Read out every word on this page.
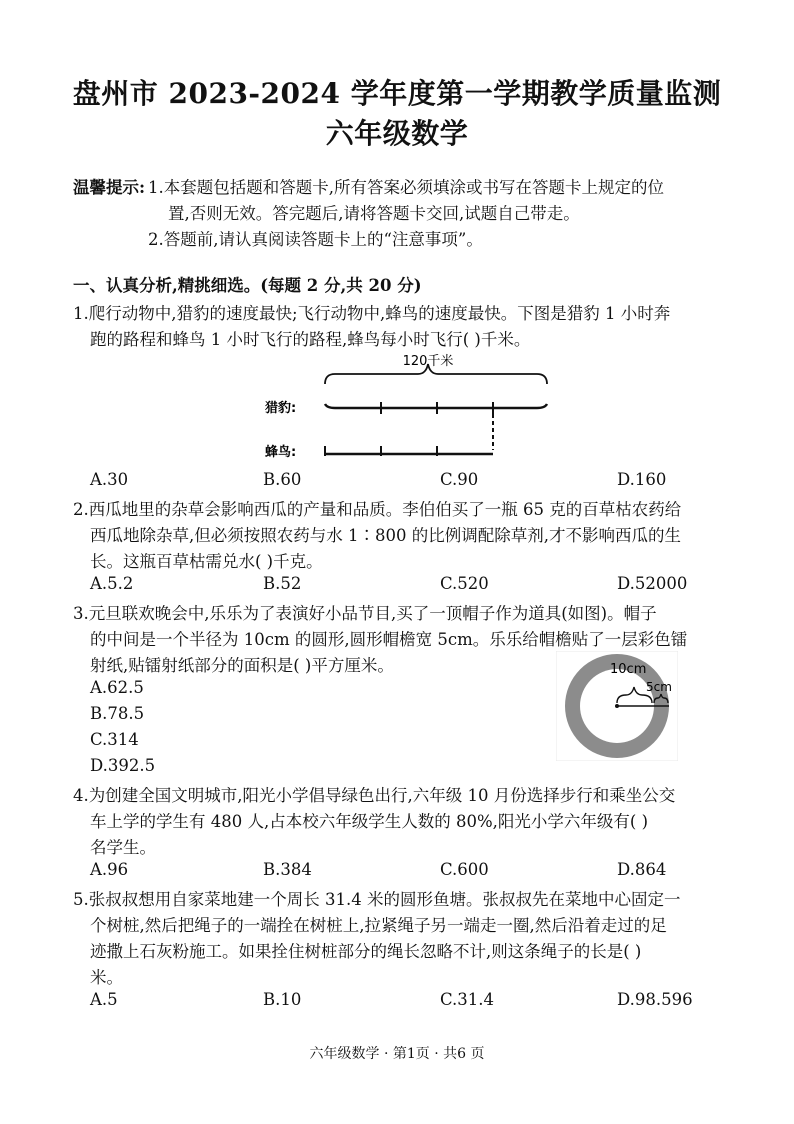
盘州市 2023-2024 学年度第一学期教学质量监测
六年级数学
温馨提示: 1.本套题包括题和答题卡,所有答案必须填涂或书写在答题卡上规定的位
置,否则无效。答完题后,请将答题卡交回,试题自己带走。
2.答题前,请认真阅读答题卡上的“注意事项”。
一、认真分析,精挑细选。(每题 2 分,共 20 分)
1.爬行动物中,猎豹的速度最快;飞行动物中,蜂鸟的速度最快。下图是猎豹 1 小时奔
跑的路程和蜂鸟 1 小时飞行的路程,蜂鸟每小时飞行( )千米。
120千米
猎豹:
蜂鸟:
A.30	B.60	C.90	D.160
2.西瓜地里的杂草会影响西瓜的产量和品质。李伯伯买了一瓶 65 克的百草枯农药给
西瓜地除杂草,但必须按照农药与水 1∶800 的比例调配除草剂,才不影响西瓜的生
长。这瓶百草枯需兑水( )千克。
A.5.2	B.52	C.520	D.52000
3.元旦联欢晚会中,乐乐为了表演好小品节目,买了一顶帽子作为道具(如图)。帽子
的中间是一个半径为 10cm 的圆形,圆形帽檐宽 5cm。乐乐给帽檐贴了一层彩色镭
射纸,贴镭射纸部分的面积是( )平方厘米。
A.62.5
B.78.5
C.314
D.392.5
10cm
5cm
4.为创建全国文明城市,阳光小学倡导绿色出行,六年级 10 月份选择步行和乘坐公交
车上学的学生有 480 人,占本校六年级学生人数的 80%,阳光小学六年级有( )
名学生。
A.96	B.384	C.600	D.864
5.张叔叔想用自家菜地建一个周长 31.4 米的圆形鱼塘。张叔叔先在菜地中心固定一
个树桩,然后把绳子的一端拴在树桩上,拉紧绳子另一端走一圈,然后沿着走过的足
迹撒上石灰粉施工。如果拴住树桩部分的绳长忽略不计,则这条绳子的长是( )
米。
A.5	B.10	C.31.4	D.98.596
六年级数学 · 第1页 · 共6 页
